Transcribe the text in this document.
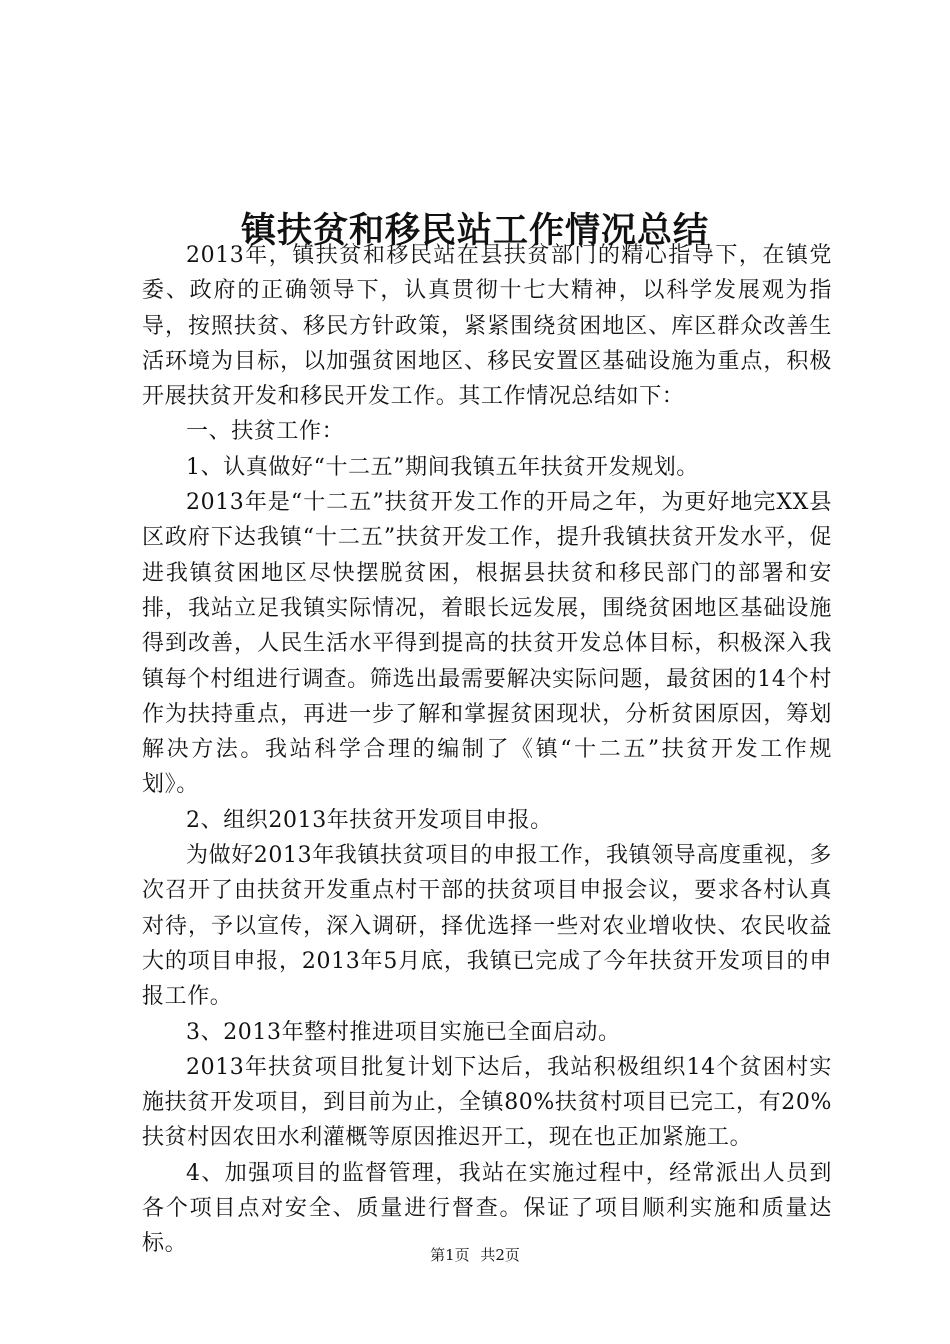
镇扶贫和移民站工作情况总结

2013年，镇扶贫和移民站在县扶贫部门的精心指导下，在镇党委、政府的正确领导下，认真贯彻十七大精神，以科学发展观为指导，按照扶贫、移民方针政策，紧紧围绕贫困地区、库区群众改善生活环境为目标，以加强贫困地区、移民安置区基础设施为重点，积极开展扶贫开发和移民开发工作。其工作情况总结如下：

一、扶贫工作：

1、认真做好“十二五”期间我镇五年扶贫开发规划。

2013年是“十二五”扶贫开发工作的开局之年，为更好地完XX县区政府下达我镇“十二五”扶贫开发工作，提升我镇扶贫开发水平，促进我镇贫困地区尽快摆脱贫困，根据县扶贫和移民部门的部署和安排，我站立足我镇实际情况，着眼长远发展，围绕贫困地区基础设施得到改善，人民生活水平得到提高的扶贫开发总体目标，积极深入我镇每个村组进行调查。筛选出最需要解决实际问题，最贫困的14个村作为扶持重点，再进一步了解和掌握贫困现状，分析贫困原因，筹划解决方法。我站科学合理的编制了《镇“十二五”扶贫开发工作规划》。

2、组织2013年扶贫开发项目申报。

为做好2013年我镇扶贫项目的申报工作，我镇领导高度重视，多次召开了由扶贫开发重点村干部的扶贫项目申报会议，要求各村认真对待，予以宣传，深入调研，择优选择一些对农业增收快、农民收益大的项目申报，2013年5月底，我镇已完成了今年扶贫开发项目的申报工作。

3、2013年整村推进项目实施已全面启动。

2013年扶贫项目批复计划下达后，我站积极组织14个贫困村实施扶贫开发项目，到目前为止，全镇80%扶贫村项目已完工，有20%扶贫村因农田水利灌概等原因推迟开工，现在也正加紧施工。

4、加强项目的监督管理，我站在实施过程中，经常派出人员到各个项目点对安全、质量进行督查。保证了项目顺利实施和质量达标。	第1页 共2页
